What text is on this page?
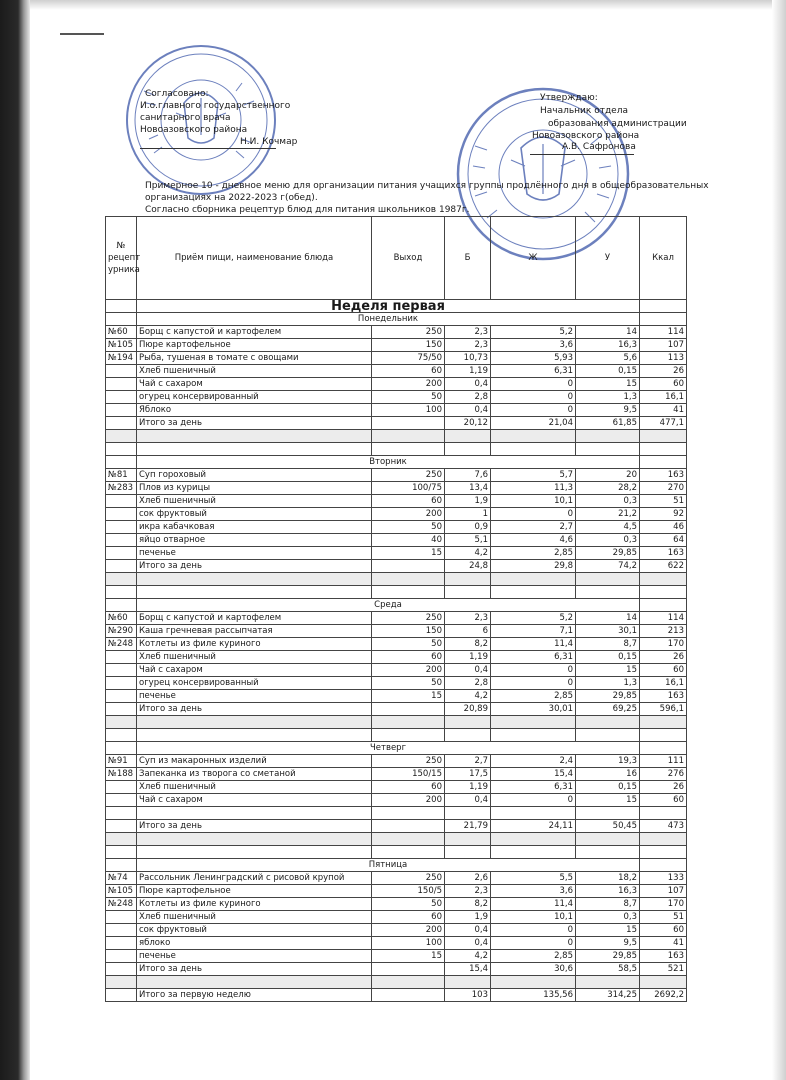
Согласовано:
И.о.главного государственного
санитарного врача
Новоазовского района
Н.И. Кочмар
Утверждаю:
Начальник отдела
образования администрации
Новоазовского района
А.В. Сафронова
Примерное 10 - дневное меню для организации питания учащихся группы продлённого дня в общеобразовательных
организациях на 2022-2023 г(обед).
Согласно сборника рецептур блюд для питания школьников 1987г.
№ рецепт урника	Приём пищи, наименование блюда	Выход	Б	Ж	У	Ккал
	Неделя первая					
	Понедельник					
№60	Борщ с капустой и картофелем	250	2,3	5,2	14	114
№105	Пюре картофельное	150	2,3	3,6	16,3	107
№194	Рыба, тушеная в томате с овощами	75/50	10,73	5,93	5,6	113
	Хлеб пшеничный	60	1,19	6,31	0,15	26
	Чай с сахаром	200	0,4	0	15	60
	огурец консервированный	50	2,8	0	1,3	16,1
	Яблоко	100	0,4	0	9,5	41
	Итого за день		20,12	21,04	61,85	477,1

	Вторник					
№81	Суп гороховый	250	7,6	5,7	20	163
№283	Плов из курицы	100/75	13,4	11,3	28,2	270
	Хлеб пшеничный	60	1,9	10,1	0,3	51
	сок фруктовый	200	1	0	21,2	92
	икра кабачковая	50	0,9	2,7	4,5	46
	яйцо отварное	40	5,1	4,6	0,3	64
	печенье	15	4,2	2,85	29,85	163
	Итого за день		24,8	29,8	74,2	622

	Среда					
№60	Борщ с капустой и картофелем	250	2,3	5,2	14	114
№290	Каша гречневая рассыпчатая	150	6	7,1	30,1	213
№248	Котлеты из филе куриного	50	8,2	11,4	8,7	170
	Хлеб пшеничный	60	1,19	6,31	0,15	26
	Чай с сахаром	200	0,4	0	15	60
	огурец консервированный	50	2,8	0	1,3	16,1
	печенье	15	4,2	2,85	29,85	163
	Итого за день		20,89	30,01	69,25	596,1

	Четверг					
№91	Суп из макаронных изделий	250	2,7	2,4	19,3	111
№188	Запеканка из творога со сметаной	150/15	17,5	15,4	16	276
	Хлеб пшеничный	60	1,19	6,31	0,15	26
	Чай с сахаром	200	0,4	0	15	60

	Итого за день		21,79	24,11	50,45	473

	Пятница					
№74	Рассольник Ленинградский с рисовой крупой	250	2,6	5,5	18,2	133
№105	Пюре картофельное	150/5	2,3	3,6	16,3	107
№248	Котлеты из филе куриного	50	8,2	11,4	8,7	170
	Хлеб пшеничный	60	1,9	10,1	0,3	51
	сок фруктовый	200	0,4	0	15	60
	яблоко	100	0,4	0	9,5	41
	печенье	15	4,2	2,85	29,85	163
	Итого за день		15,4	30,6	58,5	521

	Итого за первую неделю		103	135,56	314,25	2692,2
